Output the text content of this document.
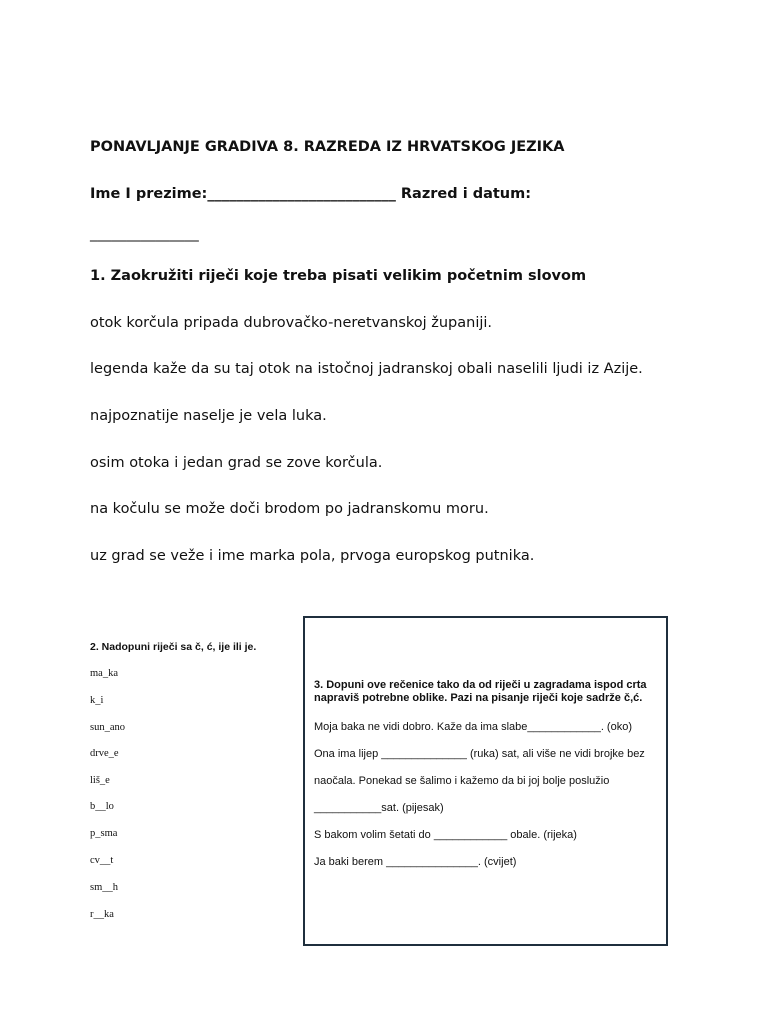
PONAVLJANJE GRADIVA 8. RAZREDA IZ HRVATSKOG JEZIKA
Ime I prezime:__________________________ Razred i datum:
_______________
1. Zaokružiti riječi koje treba pisati velikim početnim slovom
otok korčula pripada dubrovačko-neretvanskoj županiji.
legenda kaže da su taj otok na istočnoj jadranskoj obali naselili ljudi iz Azije.
najpoznatije naselje je vela luka.
osim otoka i jedan grad se zove korčula.
na kočulu se može doči brodom po jadranskomu moru.
uz grad se veže i ime marka pola, prvoga europskog putnika.
2. Nadopuni riječi sa č, ć, ije ili je.
ma_ka
k_i
sun_ano
drve_e
liš_e
b__lo
p_sma
cv__t
sm__h
r__ka
3. Dopuni ove rečenice tako da od riječi u zagradama ispod crta napraviš potrebne oblike. Pazi na pisanje riječi koje sadrže č,ć.
Moja baka ne vidi dobro. Kaže da ima slabe____________. (oko)
Ona ima lijep ______________ (ruka) sat, ali više ne vidi brojke bez
naočala. Ponekad se šalimo i kažemo da bi joj bolje poslužio
___________sat. (pijesak)
S bakom volim šetati do ____________ obale. (rijeka)
Ja baki berem _______________. (cvijet)
